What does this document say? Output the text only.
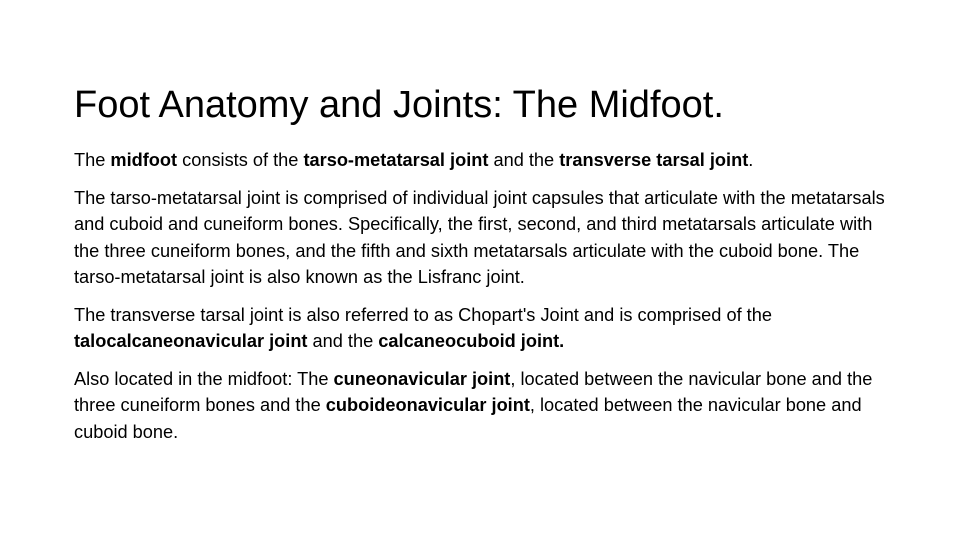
Foot Anatomy and Joints: The Midfoot.

The midfoot consists of the tarso-metatarsal joint and the transverse tarsal joint.

The tarso-metatarsal joint is comprised of individual joint capsules that articulate with the metatarsals and cuboid and cuneiform bones. Specifically, the first, second, and third metatarsals articulate with the three cuneiform bones, and the fifth and sixth metatarsals articulate with the cuboid bone. The tarso-metatarsal joint is also known as the Lisfranc joint.

The transverse tarsal joint is also referred to as Chopart's Joint and is comprised of the talocalcaneonavicular joint and the calcaneocuboid joint.

Also located in the midfoot: The cuneonavicular joint, located between the navicular bone and the three cuneiform bones and the cuboideonavicular joint, located between the navicular bone and cuboid bone.
